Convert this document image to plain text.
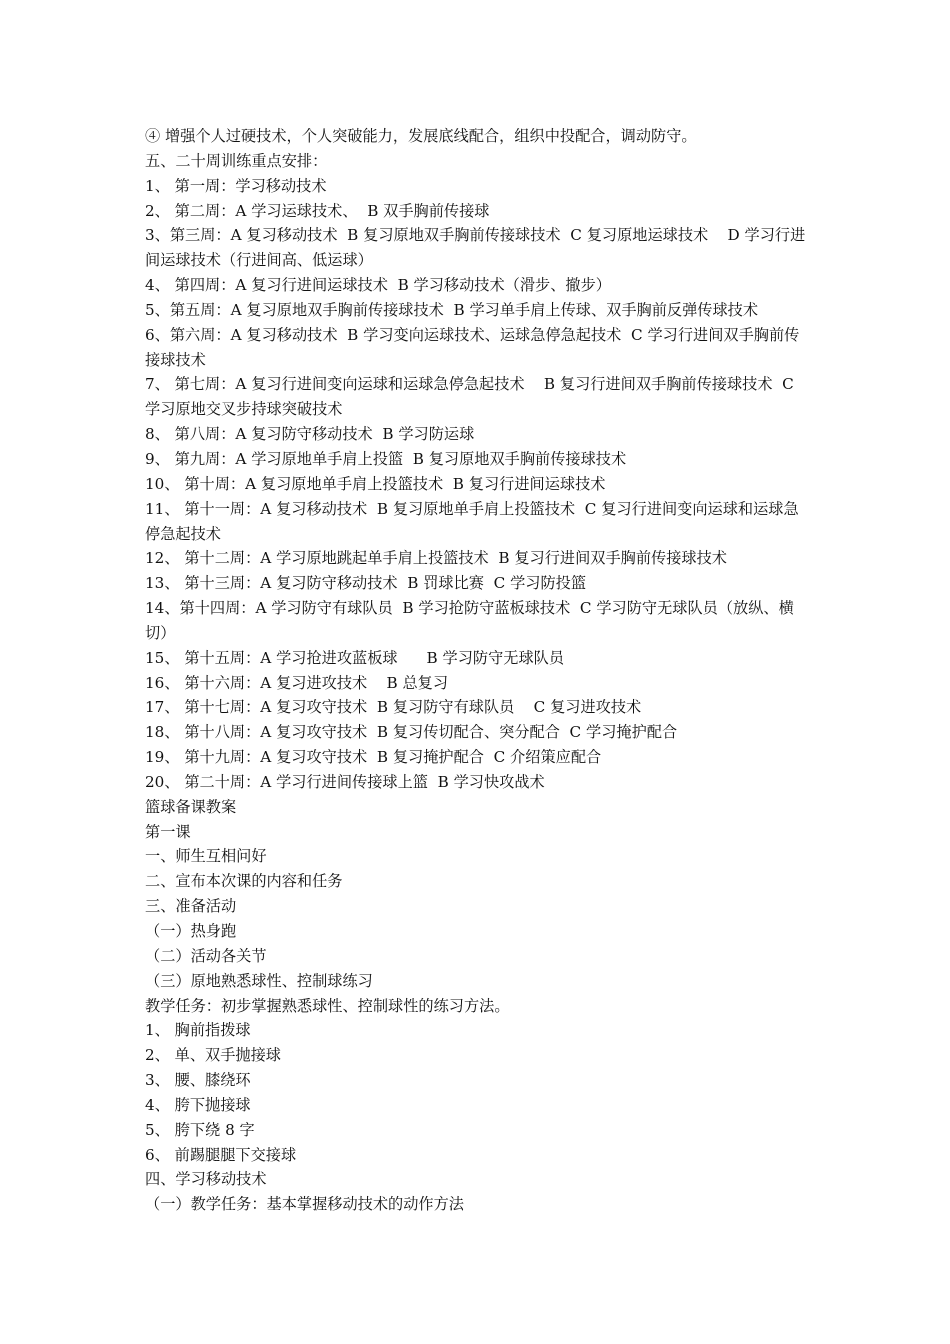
④ 增强个人过硬技术，个人突破能力，发展底线配合，组织中投配合，调动防守。
五、二十周训练重点安排：
1、 第一周：学习移动技术
2、 第二周：A 学习运球技术、  B 双手胸前传接球
3、第三周：A 复习移动技术  B 复习原地双手胸前传接球技术  C 复习原地运球技术    D 学习行进间运球技术（行进间高、低运球）
4、 第四周：A 复习行进间运球技术  B 学习移动技术（滑步、撤步）
5、第五周：A 复习原地双手胸前传接球技术  B 学习单手肩上传球、双手胸前反弹传球技术
6、第六周：A 复习移动技术  B 学习变向运球技术、运球急停急起技术  C 学习行进间双手胸前传接球技术
7、 第七周：A 复习行进间变向运球和运球急停急起技术    B 复习行进间双手胸前传接球技术  C 学习原地交叉步持球突破技术
8、 第八周：A 复习防守移动技术  B 学习防运球
9、 第九周：A 学习原地单手肩上投篮  B 复习原地双手胸前传接球技术
10、 第十周：A 复习原地单手肩上投篮技术  B 复习行进间运球技术
11、 第十一周：A 复习移动技术  B 复习原地单手肩上投篮技术  C 复习行进间变向运球和运球急停急起技术
12、 第十二周：A 学习原地跳起单手肩上投篮技术  B 复习行进间双手胸前传接球技术
13、 第十三周：A 复习防守移动技术  B 罚球比赛  C 学习防投篮
14、第十四周：A 学习防守有球队员  B 学习抢防守蓝板球技术  C 学习防守无球队员（放纵、横切）
15、 第十五周：A 学习抢进攻蓝板球      B 学习防守无球队员
16、 第十六周：A 复习进攻技术    B 总复习
17、 第十七周：A 复习攻守技术  B 复习防守有球队员    C 复习进攻技术
18、 第十八周：A 复习攻守技术  B 复习传切配合、突分配合  C 学习掩护配合
19、 第十九周：A 复习攻守技术  B 复习掩护配合  C 介绍策应配合
20、 第二十周：A 学习行进间传接球上篮  B 学习快攻战术
篮球备课教案
第一课
一、师生互相问好
二、宣布本次课的内容和任务
三、准备活动
（一）热身跑
（二）活动各关节
（三）原地熟悉球性、控制球练习
教学任务：初步掌握熟悉球性、控制球性的练习方法。
1、 胸前指拨球
2、 单、双手抛接球
3、 腰、膝绕环
4、 胯下抛接球
5、 胯下绕 8 字
6、 前踢腿腿下交接球
四、学习移动技术
（一）教学任务：基本掌握移动技术的动作方法
